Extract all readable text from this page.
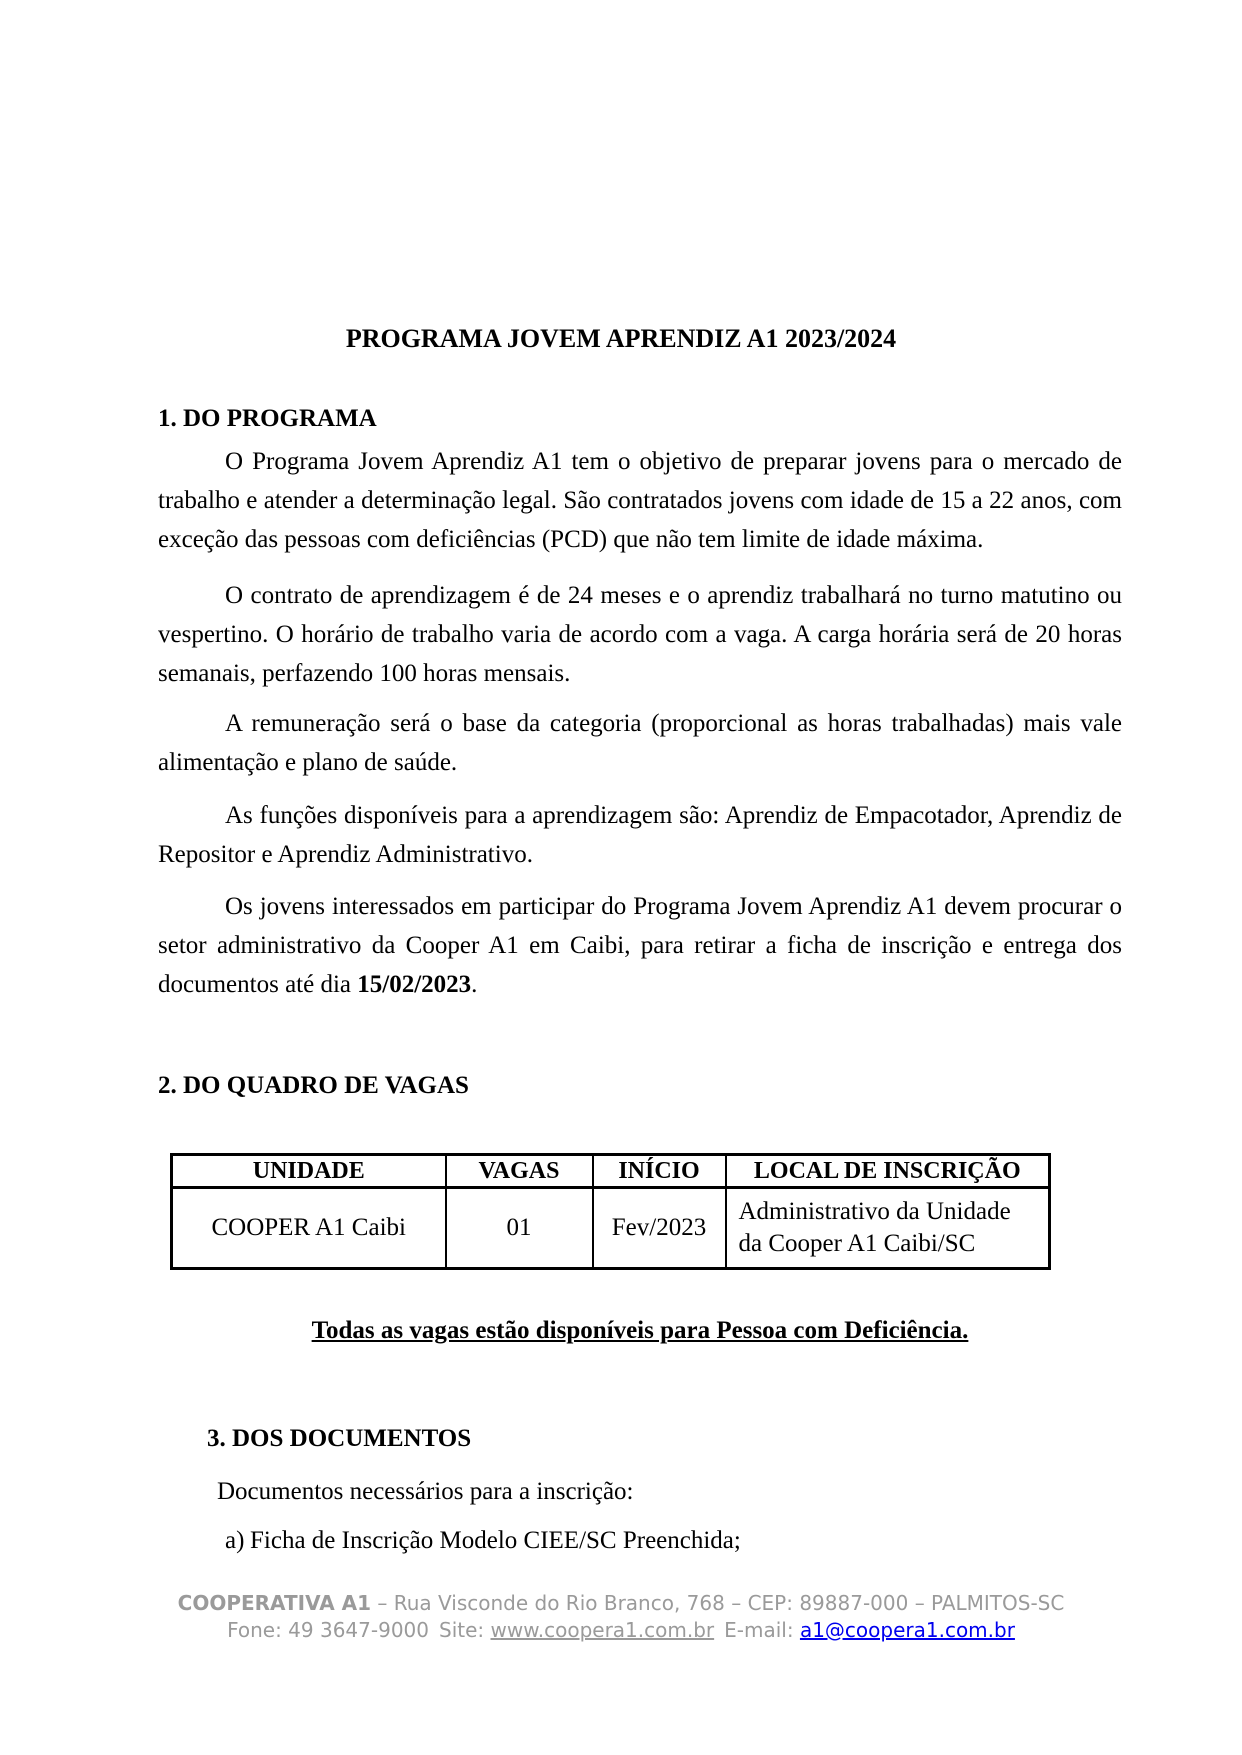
PROGRAMA JOVEM APRENDIZ A1 2023/2024
1. DO PROGRAMA

O Programa Jovem Aprendiz A1 tem o objetivo de preparar jovens para o mercado de trabalho e atender a determinação legal. São contratados jovens com idade de 15 a 22 anos, com exceção das pessoas com deficiências (PCD) que não tem limite de idade máxima.

O contrato de aprendizagem é de 24 meses e o aprendiz trabalhará no turno matutino ou vespertino. O horário de trabalho varia de acordo com a vaga. A carga horária será de 20 horas semanais, perfazendo 100 horas mensais.

A remuneração será o base da categoria (proporcional as horas trabalhadas) mais vale alimentação e plano de saúde.

As funções disponíveis para a aprendizagem são: Aprendiz de Empacotador, Aprendiz de Repositor e Aprendiz Administrativo.

Os jovens interessados em participar do Programa Jovem Aprendiz A1 devem procurar o setor administrativo da Cooper A1 em Caibi, para retirar a ficha de inscrição e entrega dos documentos até dia 15/02/2023.

2. DO QUADRO DE VAGAS
UNIDADE	VAGAS	INÍCIO	LOCAL DE INSCRIÇÃO
COOPER A1 Caibi	01	Fev/2023	Administrativo da Unidade da Cooper A1 Caibi/SC
Todas as vagas estão disponíveis para Pessoa com Deficiência.
3. DOS DOCUMENTOS
Documentos necessários para a inscrição:
a) Ficha de Inscrição Modelo CIEE/SC Preenchida;
COOPERATIVA A1 – Rua Visconde do Rio Branco, 768 – CEP: 89887-000 – PALMITOS-SC
Fone: 49 3647-9000 Site: www.coopera1.com.br E-mail: a1@coopera1.com.br
